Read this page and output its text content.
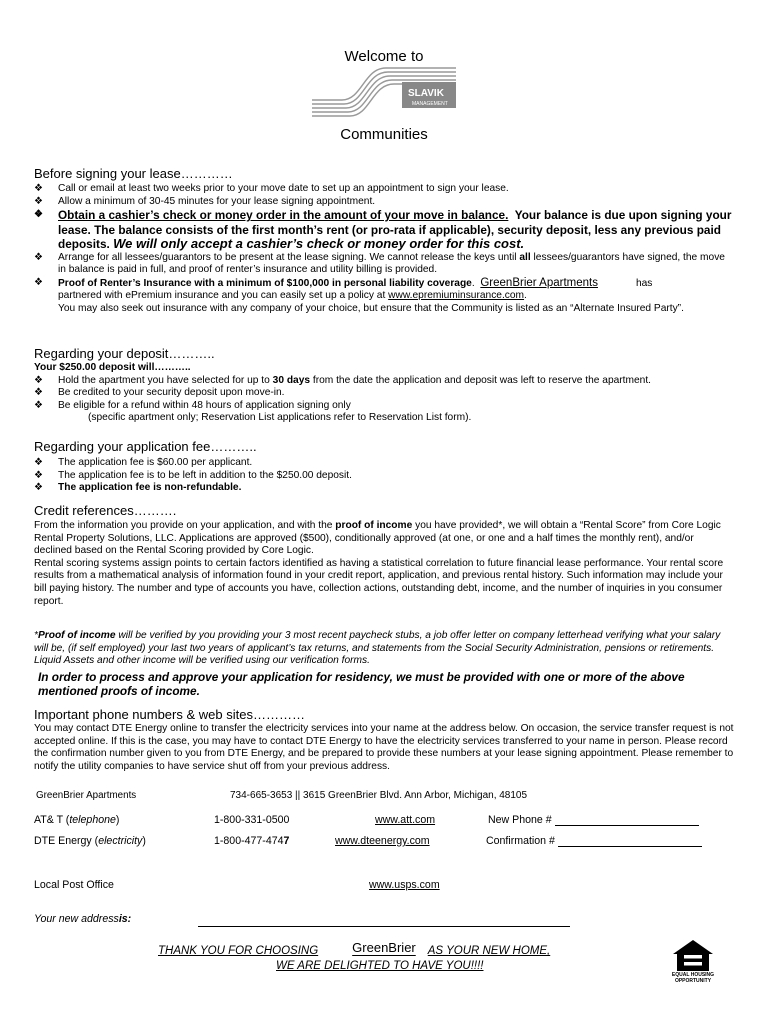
Welcome to
SLAVIK
MANAGEMENT
Communities
Before signing your lease…………
❖ Call or email at least two weeks prior to your move date to set up an appointment to sign your lease.
❖ Allow a minimum of 30-45 minutes for your lease signing appointment.
❖ Obtain a cashier’s check or money order in the amount of your move in balance. Your balance is due upon signing your lease. The balance consists of the first month’s rent (or pro-rata if applicable), security deposit, less any previous paid deposits. We will only accept a cashier’s check or money order for this cost.
❖ Arrange for all lessees/guarantors to be present at the lease signing. We cannot release the keys until all lessees/guarantors have signed, the move in balance is paid in full, and proof of renter’s insurance and utility billing is provided.
❖ Proof of Renter’s Insurance with a minimum of $100,000 in personal liability coverage.  GreenBrier Apartments	has
partnered with ePremium insurance and you can easily set up a policy at www.epremiuminsurance.com.
You may also seek out insurance with any company of your choice, but ensure that the Community is listed as an “Alternate Insured Party”.
Regarding your deposit………..
Your $250.00 deposit will………..
❖ Hold the apartment you have selected for up to 30 days from the date the application and deposit was left to reserve the apartment.
❖ Be credited to your security deposit upon move-in.
❖ Be eligible for a refund within 48 hours of application signing only
(specific apartment only; Reservation List applications refer to Reservation List form).
Regarding your application fee………..
❖ The application fee is $60.00 per applicant.
❖ The application fee is to be left in addition to the $250.00 deposit.
❖ The application fee is non-refundable.
Credit references……….
From the information you provide on your application, and with the proof of income you have provided*, we will obtain a “Rental Score” from Core Logic Rental Property Solutions, LLC. Applications are approved ($500), conditionally approved (at one, or one and a half times the monthly rent), and/or declined based on the Rental Scoring provided by Core Logic.
Rental scoring systems assign points to certain factors identified as having a statistical correlation to future financial lease performance. Your rental score results from a mathematical analysis of information found in your credit report, application, and previous rental history. Such information may include your bill paying history. The number and type of accounts you have, collection actions, outstanding debt, income, and the number of inquiries in you consumer report.
*Proof of income will be verified by you providing your 3 most recent paycheck stubs, a job offer letter on company letterhead verifying what your salary will be, (if self employed) your last two years of applicant’s tax returns, and statements from the Social Security Administration, pensions or retirements. Liquid Assets and other income will be verified using our verification forms.
In order to process and approve your application for residency, we must be provided with one or more of the above mentioned proofs of income.
Important phone numbers & web sites…………
You may contact DTE Energy online to transfer the electricity services into your name at the address below. On occasion, the service transfer request is not accepted online. If this is the case, you may have to contact DTE Energy to have the electricity services transferred to your name in person. Please record the confirmation number given to you from DTE Energy, and be prepared to provide these numbers at your lease signing appointment. Please remember to notify the utility companies to have service shut off from your previous address.
GreenBrier Apartments	734-665-3653 || 3615 GreenBrier Blvd. Ann Arbor, Michigan, 48105
AT& T (telephone)	1-800-331-0500	www.att.com	New Phone #
DTE Energy (electricity)	1-800-477-4747	www.dteenergy.com	Confirmation #
Local Post Office	www.usps.com
Your new addressis:
THANK YOU FOR CHOOSING	GreenBrier AS YOUR NEW HOME,
WE ARE DELIGHTED TO HAVE YOU!!!!
EQUAL HOUSING
OPPORTUNITY
